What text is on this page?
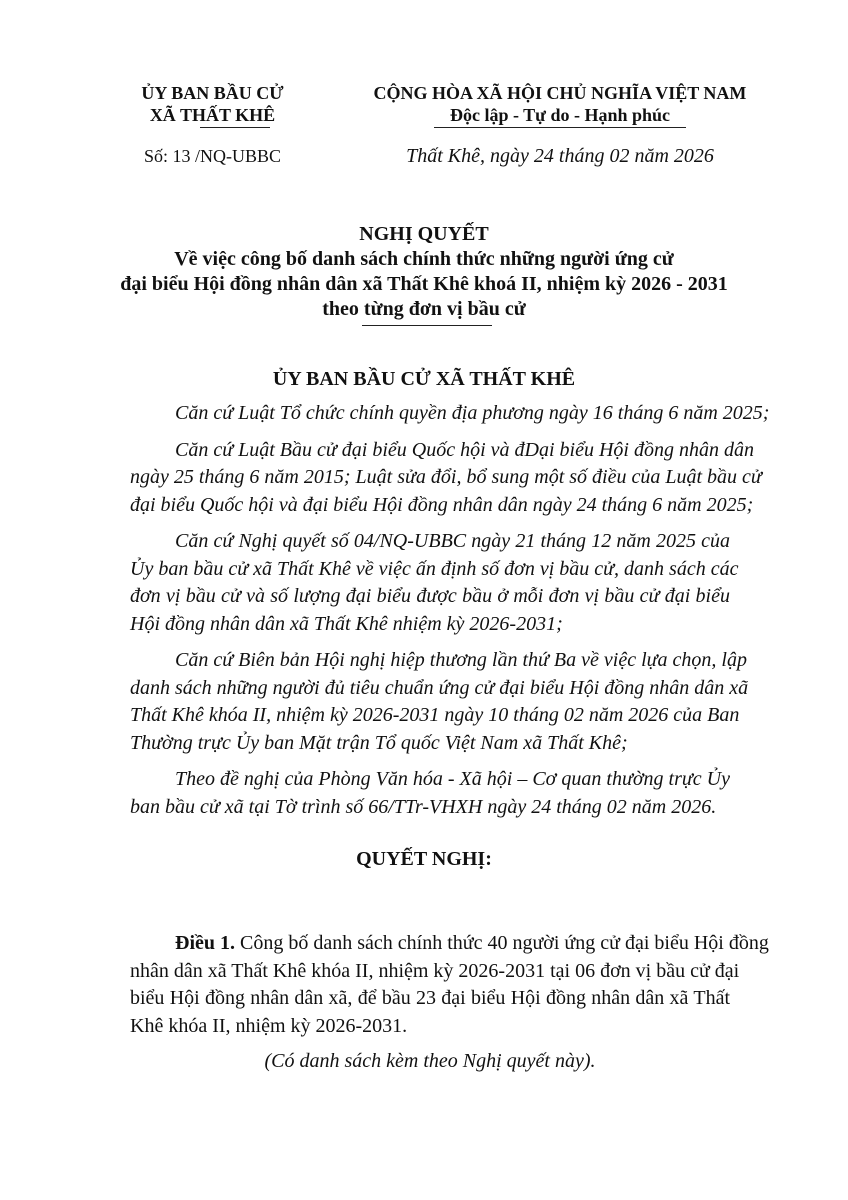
ỦY BAN BẦU CỬ
XÃ THẤT KHÊ
Số: 13 /NQ-UBBC
CỘNG HÒA XÃ HỘI CHỦ NGHĨA VIỆT NAM
Độc lập - Tự do - Hạnh phúc
Thất Khê, ngày 24 tháng 02 năm 2026
NGHỊ QUYẾT
Về việc công bố danh sách chính thức những người ứng cử
đại biểu Hội đồng nhân dân xã Thất Khê khoá II, nhiệm kỳ 2026 - 2031
theo từng đơn vị bầu cử
ỦY BAN BẦU CỬ XÃ THẤT KHÊ
Căn cứ Luật Tổ chức chính quyền địa phương ngày 16 tháng 6 năm 2025;
Căn cứ Luật Bầu cử đại biểu Quốc hội và đDại biểu Hội đồng nhân dân
ngày 25 tháng 6 năm 2015; Luật sửa đổi, bổ sung một số điều của Luật bầu cử
đại biểu Quốc hội và đại biểu Hội đồng nhân dân ngày 24 tháng 6 năm 2025;
Căn cứ Nghị quyết số 04/NQ-UBBC ngày 21 tháng 12 năm 2025 của
Ủy ban bầu cử xã Thất Khê về việc ấn định số đơn vị bầu cử, danh sách các
đơn vị bầu cử và số lượng đại biểu được bầu ở mỗi đơn vị bầu cử đại biểu
Hội đồng nhân dân xã Thất Khê nhiệm kỳ 2026-2031;
Căn cứ Biên bản Hội nghị hiệp thương lần thứ Ba về việc lựa chọn, lập
danh sách những người đủ tiêu chuẩn ứng cử đại biểu Hội đồng nhân dân xã
Thất Khê khóa II, nhiệm kỳ 2026-2031 ngày 10 tháng 02 năm 2026 của Ban
Thường trực Ủy ban Mặt trận Tổ quốc Việt Nam xã Thất Khê;
Theo đề nghị của Phòng Văn hóa - Xã hội – Cơ quan thường trực Ủy
ban bầu cử xã tại Tờ trình số 66/TTr-VHXH ngày 24 tháng 02 năm 2026.
QUYẾT NGHỊ:
Điều 1. Công bố danh sách chính thức 40 người ứng cử đại biểu Hội đồng
nhân dân xã Thất Khê khóa II, nhiệm kỳ 2026-2031 tại 06 đơn vị bầu cử đại
biểu Hội đồng nhân dân xã, để bầu 23 đại biểu Hội đồng nhân dân xã Thất
Khê khóa II, nhiệm kỳ 2026-2031.
(Có danh sách kèm theo Nghị quyết này).
